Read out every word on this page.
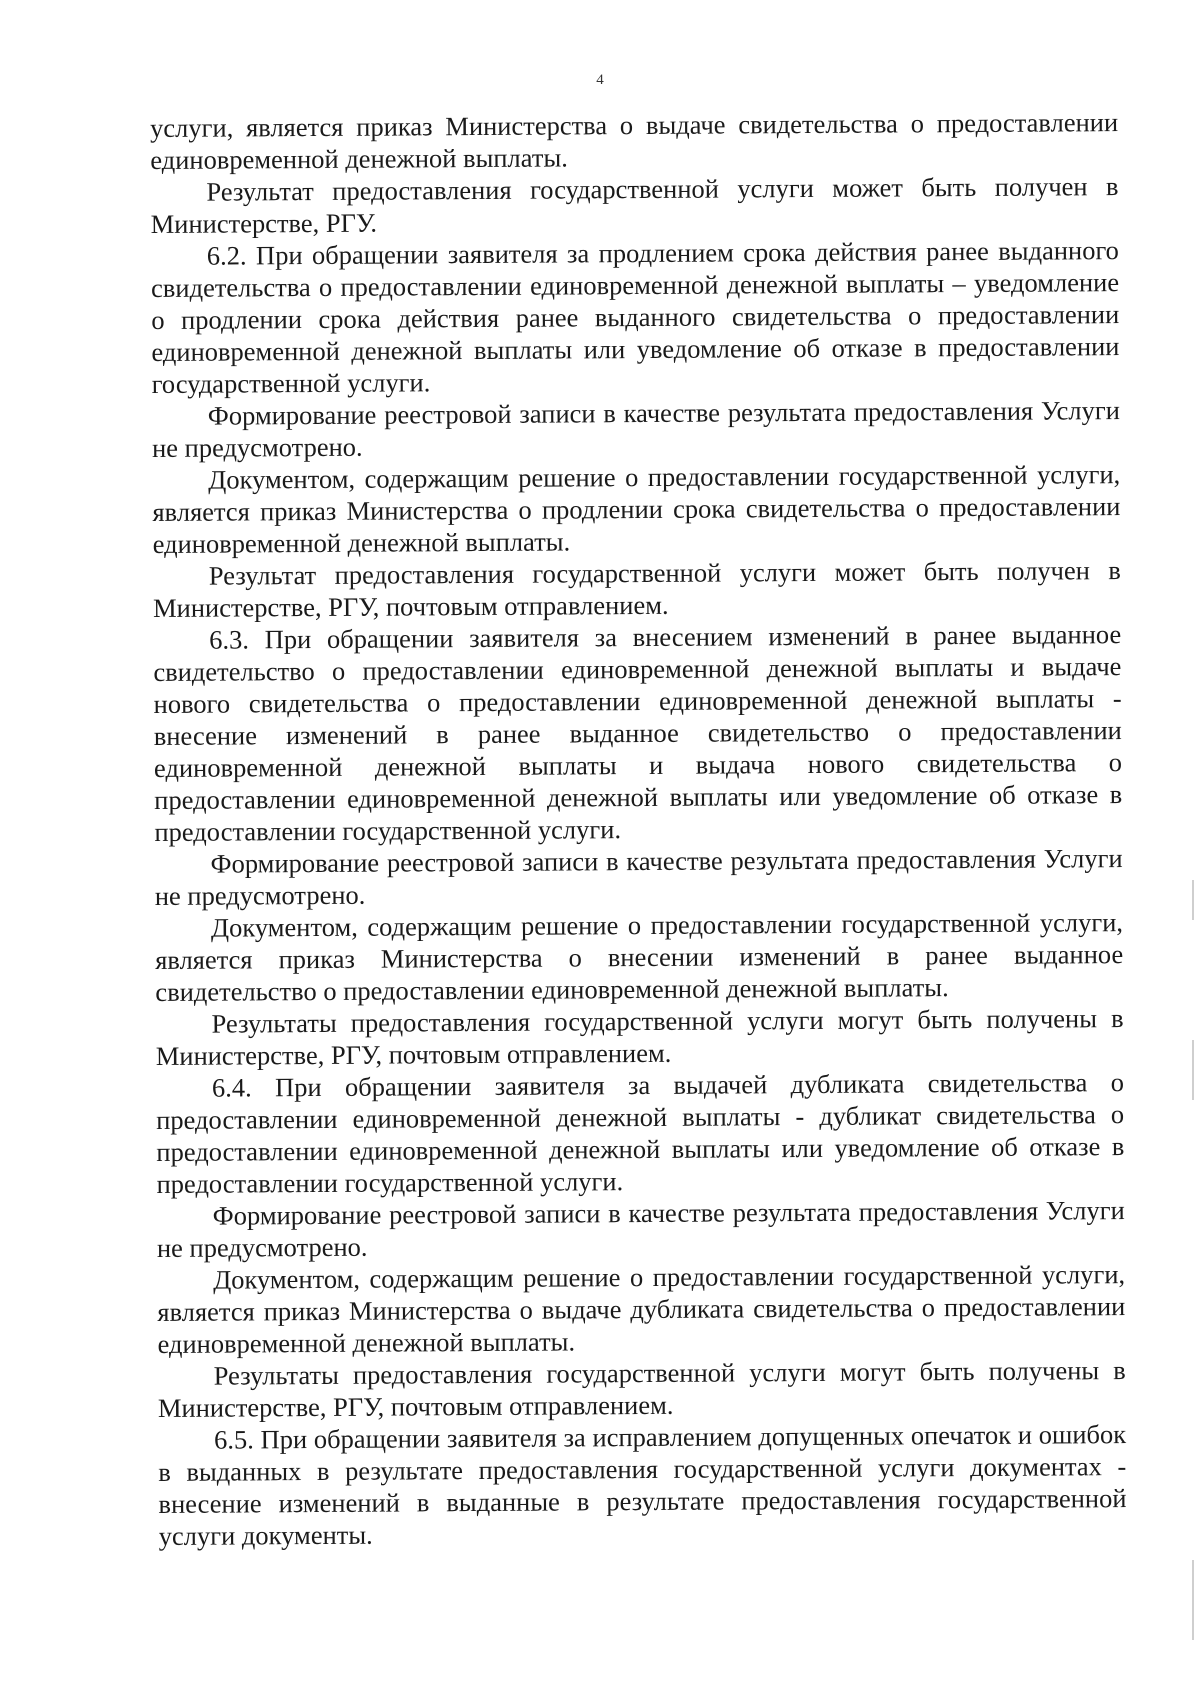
4

услуги, является приказ Министерства о выдаче свидетельства о предоставлении единовременной денежной выплаты.

Результат предоставления государственной услуги может быть получен в Министерстве, РГУ.

6.2. При обращении заявителя за продлением срока действия ранее выданного свидетельства о предоставлении единовременной денежной выплаты – уведомление о продлении срока действия ранее выданного свидетельства о предоставлении единовременной денежной выплаты или уведомление об отказе в предоставлении государственной услуги.

Формирование реестровой записи в качестве результата предоставления Услуги не предусмотрено.

Документом, содержащим решение о предоставлении государственной услуги, является приказ Министерства о продлении срока свидетельства о предоставлении единовременной денежной выплаты.

Результат предоставления государственной услуги может быть получен в Министерстве, РГУ, почтовым отправлением.

6.3. При обращении заявителя за внесением изменений в ранее выданное свидетельство о предоставлении единовременной денежной выплаты и выдаче нового свидетельства о предоставлении единовременной денежной выплаты - внесение изменений в ранее выданное свидетельство о предоставлении единовременной денежной выплаты и выдача нового свидетельства о предоставлении единовременной денежной выплаты или уведомление об отказе в предоставлении государственной услуги.

Формирование реестровой записи в качестве результата предоставления Услуги не предусмотрено.

Документом, содержащим решение о предоставлении государственной услуги, является приказ Министерства о внесении изменений в ранее выданное свидетельство о предоставлении единовременной денежной выплаты.

Результаты предоставления государственной услуги могут быть получены в Министерстве, РГУ, почтовым отправлением.

6.4. При обращении заявителя за выдачей дубликата свидетельства о предоставлении единовременной денежной выплаты - дубликат свидетельства о предоставлении единовременной денежной выплаты или уведомление об отказе в предоставлении государственной услуги.

Формирование реестровой записи в качестве результата предоставления Услуги не предусмотрено.

Документом, содержащим решение о предоставлении государственной услуги, является приказ Министерства о выдаче дубликата свидетельства о предоставлении единовременной денежной выплаты.

Результаты предоставления государственной услуги могут быть получены в Министерстве, РГУ, почтовым отправлением.

6.5. При обращении заявителя за исправлением допущенных опечаток и ошибок в выданных в результате предоставления государственной услуги документах - внесение изменений в выданные в результате предоставления государственной услуги документы.
